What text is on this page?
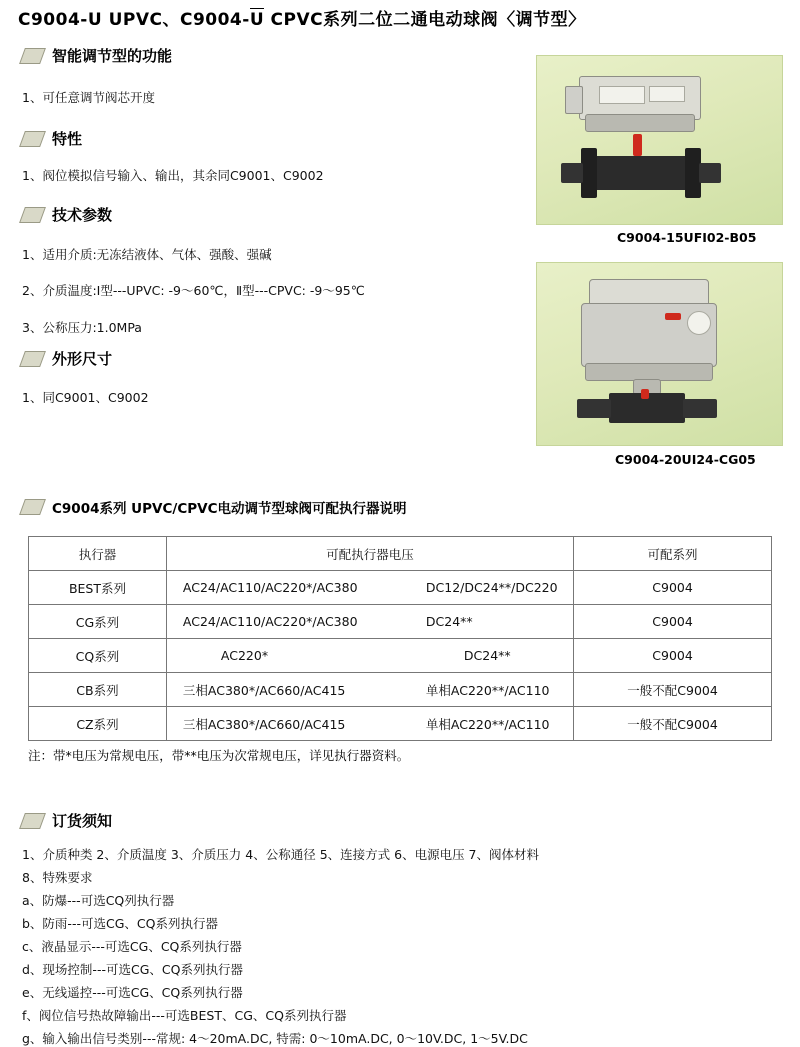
C9004-U UPVC、C9004-U CPVC系列二位二通电动球阀〈调节型〉
智能调节型的功能
1、可任意调节阀芯开度
特性
1、阀位模拟信号输入、输出，其余同C9001、C9002
技术参数
1、适用介质:无冻结液体、气体、强酸、强碱
2、介质温度:Ⅰ型---UPVC: -9～60℃，Ⅱ型---CPVC: -9～95℃
3、公称压力:1.0MPa
外形尺寸
1、同C9001、C9002
C9004-15UFI02-B05
C9004-20UI24-CG05
C9004系列 UPVC/CPVC电动调节型球阀可配执行器说明

执行器	可配执行器电压	可配系列
BEST系列	AC24/AC110/AC220*/AC380 DC12/DC24**/DC220	C9004
CG系列	AC24/AC110/AC220*/AC380 DC24**	C9004
CQ系列	AC220* DC24**	C9004
CB系列	三相AC380*/AC660/AC415 单相AC220**/AC110	一般不配C9004
CZ系列	三相AC380*/AC660/AC415 单相AC220**/AC110	一般不配C9004
注：带*电压为常规电压，带**电压为次常规电压，详见执行器资料。
订货须知
1、介质种类 2、介质温度 3、介质压力 4、公称通径 5、连接方式 6、电源电压 7、阀体材料
8、特殊要求
a、防爆---可选CQ列执行器
b、防雨---可选CG、CQ系列执行器
c、液晶显示---可选CG、CQ系列执行器
d、现场控制---可选CG、CQ系列执行器
e、无线遥控---可选CG、CQ系列执行器
f、阀位信号热故障输出---可选BEST、CG、CQ系列执行器
g、输入输出信号类别---常规: 4～20mA.DC, 特需: 0～10mA.DC, 0～10V.DC, 1～5V.DC
